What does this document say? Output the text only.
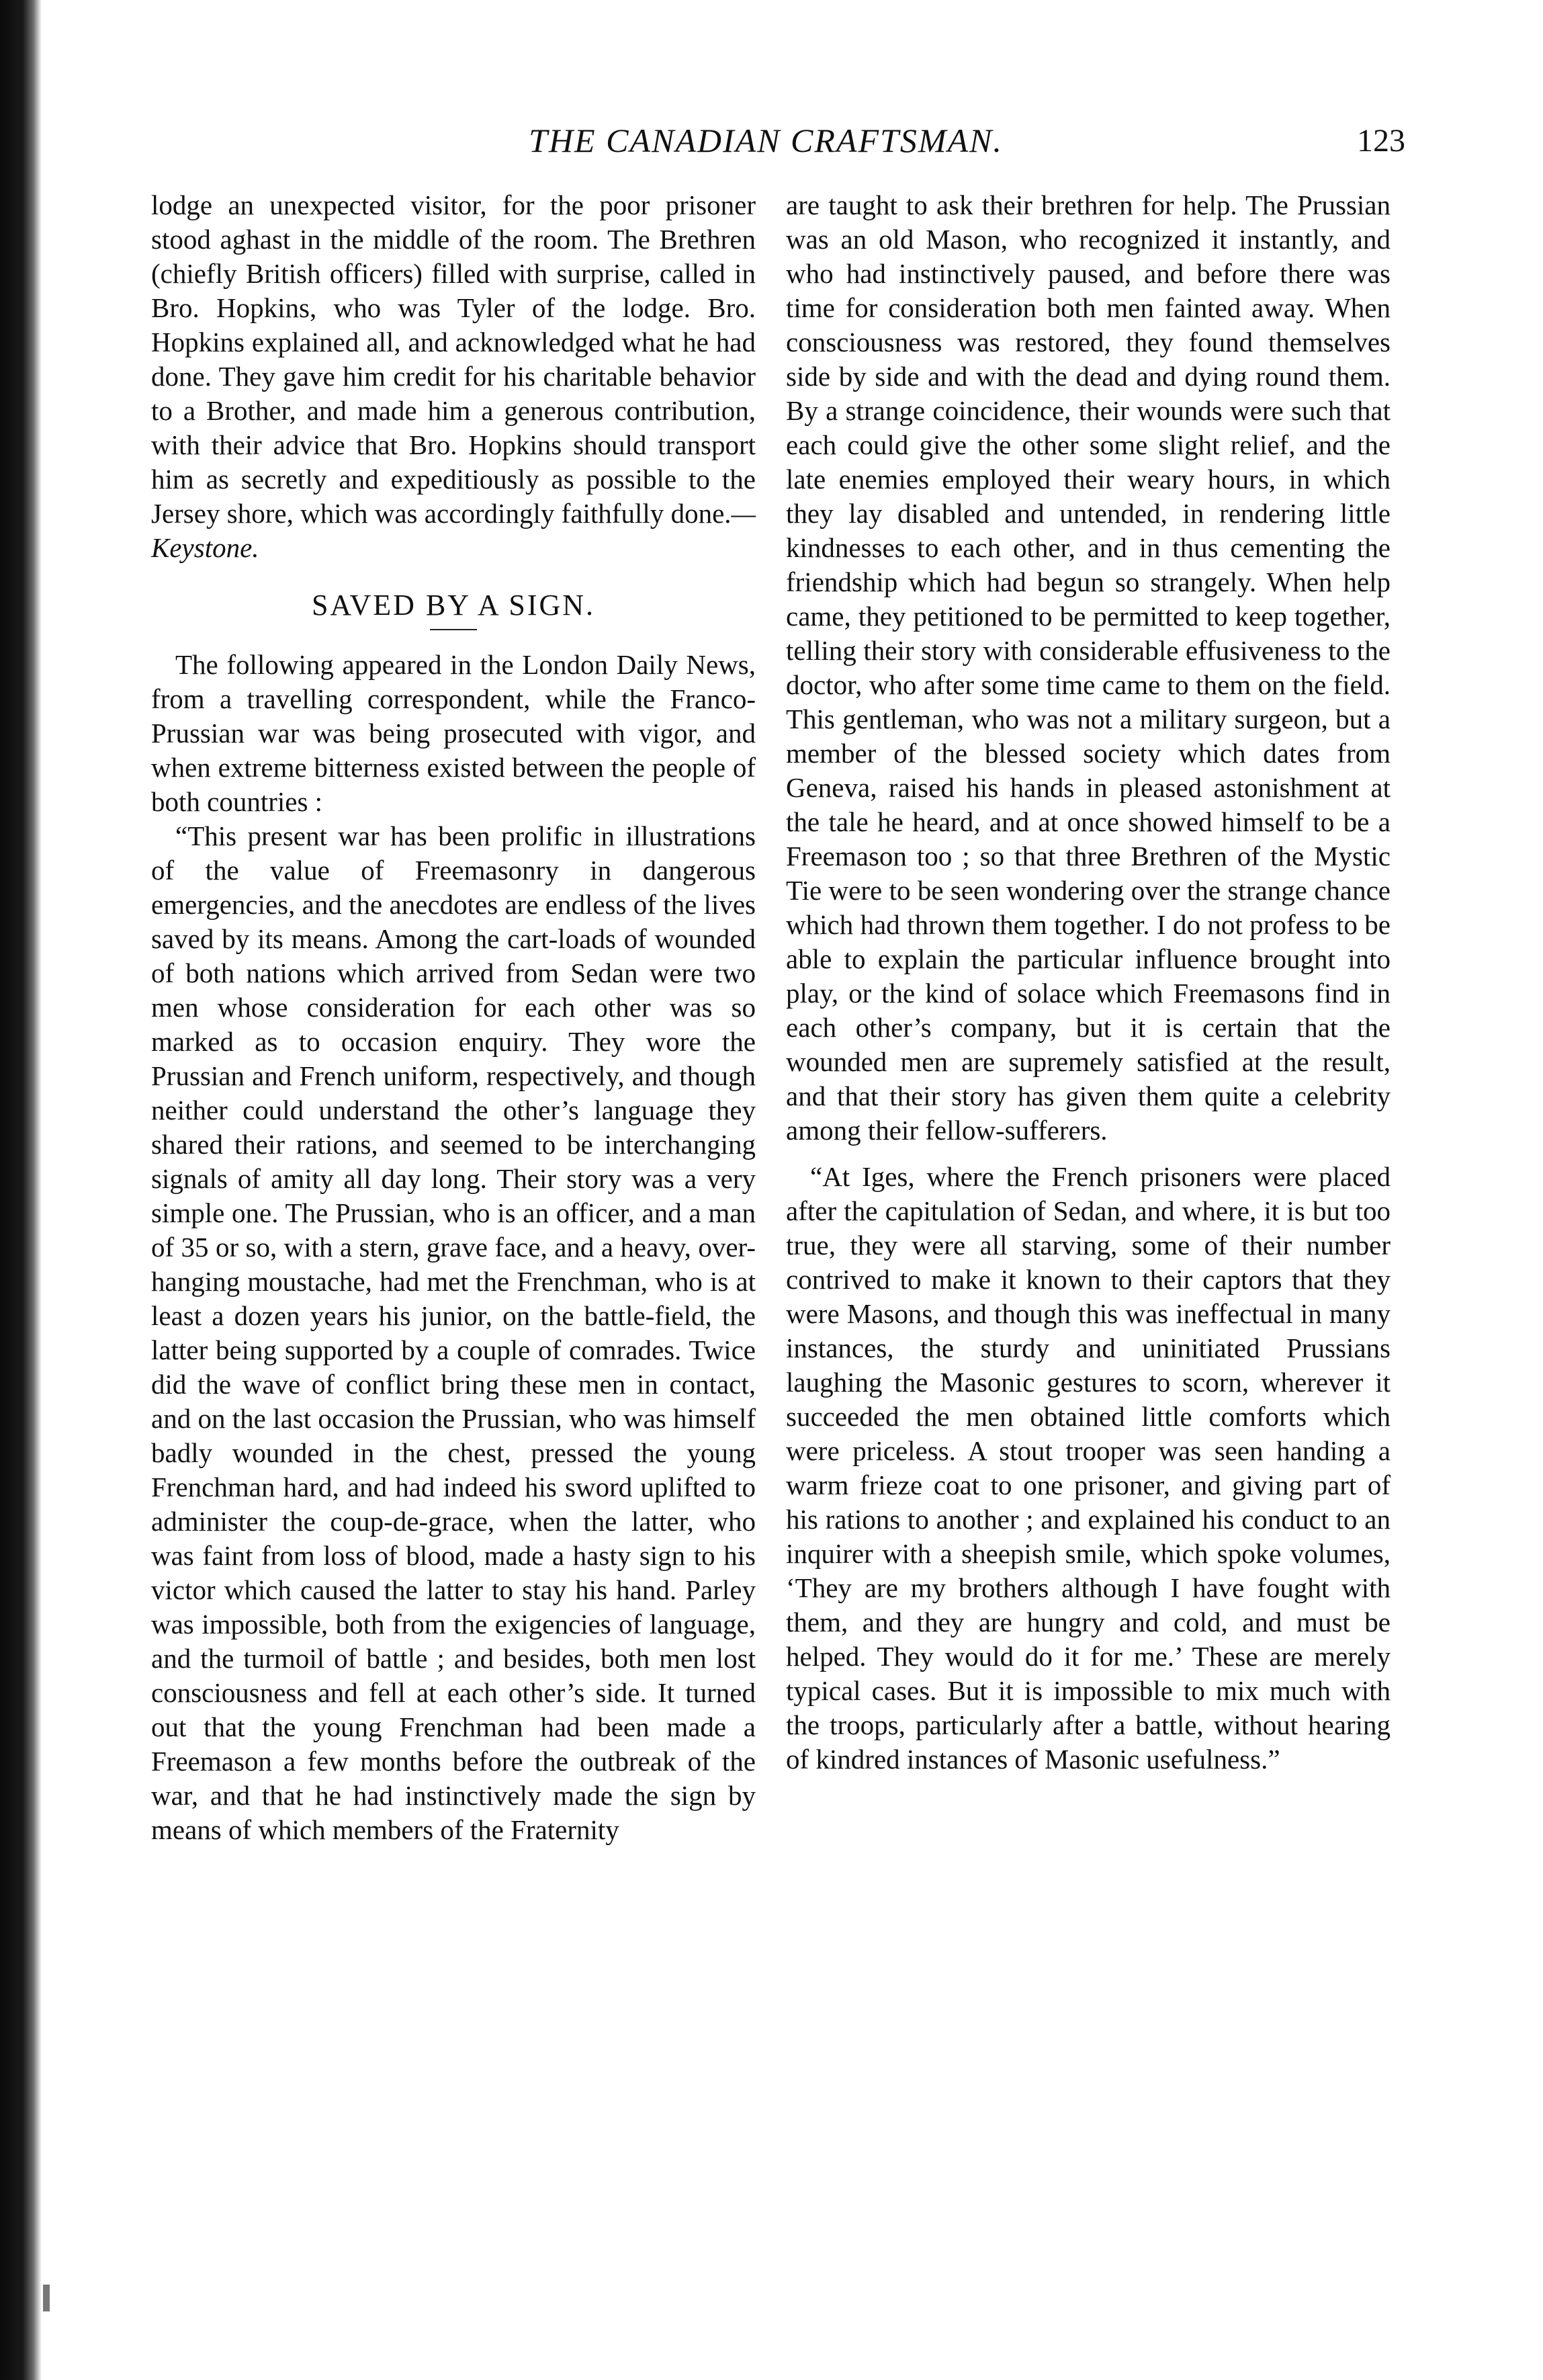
THE CANADIAN CRAFTSMAN.	123

lodge an unexpected visitor, for the poor prisoner stood aghast in the middle of the room. The Brethren (chiefly British officers) filled with surprise, called in Bro. Hopkins, who was Tyler of the lodge. Bro. Hopkins explained all, and acknowledged what he had done. They gave him credit for his charitable behavior to a Brother, and made him a generous contribution, with their advice that Bro. Hopkins should transport him as secretly and expeditiously as possible to the Jersey shore, which was accordingly faithfully done.—Keystone.

SAVED BY A SIGN.

The following appeared in the London Daily News, from a travelling correspondent, while the Franco-Prussian war was being prosecuted with vigor, and when extreme bitterness existed between the people of both countries :

“This present war has been prolific in illustrations of the value of Freemasonry in dangerous emergencies, and the anecdotes are endless of the lives saved by its means. Among the cart-loads of wounded of both nations which arrived from Sedan were two men whose consideration for each other was so marked as to occasion enquiry. They wore the Prussian and French uniform, respectively, and though neither could understand the other’s language they shared their rations, and seemed to be interchanging signals of amity all day long. Their story was a very simple one. The Prussian, who is an officer, and a man of 35 or so, with a stern, grave face, and a heavy, over-hanging moustache, had met the Frenchman, who is at least a dozen years his junior, on the battle-field, the latter being supported by a couple of comrades. Twice did the wave of conflict bring these men in contact, and on the last occasion the Prussian, who was himself badly wounded in the chest, pressed the young Frenchman hard, and had indeed his sword uplifted to administer the coup-de-grace, when the latter, who was faint from loss of blood, made a hasty sign to his victor which caused the latter to stay his hand. Parley was impossible, both from the exigencies of language, and the turmoil of battle ; and besides, both men lost consciousness and fell at each other’s side. It turned out that the young Frenchman had been made a Freemason a few months before the outbreak of the war, and that he had instinctively made the sign by means of which members of the Fraternity

are taught to ask their brethren for help. The Prussian was an old Mason, who recognized it instantly, and who had instinctively paused, and before there was time for consideration both men fainted away. When consciousness was restored, they found themselves side by side and with the dead and dying round them. By a strange coincidence, their wounds were such that each could give the other some slight relief, and the late enemies employed their weary hours, in which they lay disabled and untended, in rendering little kindnesses to each other, and in thus cementing the friendship which had begun so strangely. When help came, they petitioned to be permitted to keep together, telling their story with considerable effusiveness to the doctor, who after some time came to them on the field. This gentleman, who was not a military surgeon, but a member of the blessed society which dates from Geneva, raised his hands in pleased astonishment at the tale he heard, and at once showed himself to be a Freemason too ; so that three Brethren of the Mystic Tie were to be seen wondering over the strange chance which had thrown them together. I do not profess to be able to explain the particular influence brought into play, or the kind of solace which Freemasons find in each other’s company, but it is certain that the wounded men are supremely satisfied at the result, and that their story has given them quite a celebrity among their fellow-sufferers.

“At Iges, where the French prisoners were placed after the capitulation of Sedan, and where, it is but too true, they were all starving, some of their number contrived to make it known to their captors that they were Masons, and though this was ineffectual in many instances, the sturdy and uninitiated Prussians laughing the Masonic gestures to scorn, wherever it succeeded the men obtained little comforts which were priceless. A stout trooper was seen handing a warm frieze coat to one prisoner, and giving part of his rations to another ; and explained his conduct to an inquirer with a sheepish smile, which spoke volumes, ‘They are my brothers although I have fought with them, and they are hungry and cold, and must be helped. They would do it for me.’ These are merely typical cases. But it is impossible to mix much with the troops, particularly after a battle, without hearing of kindred instances of Masonic usefulness.”
